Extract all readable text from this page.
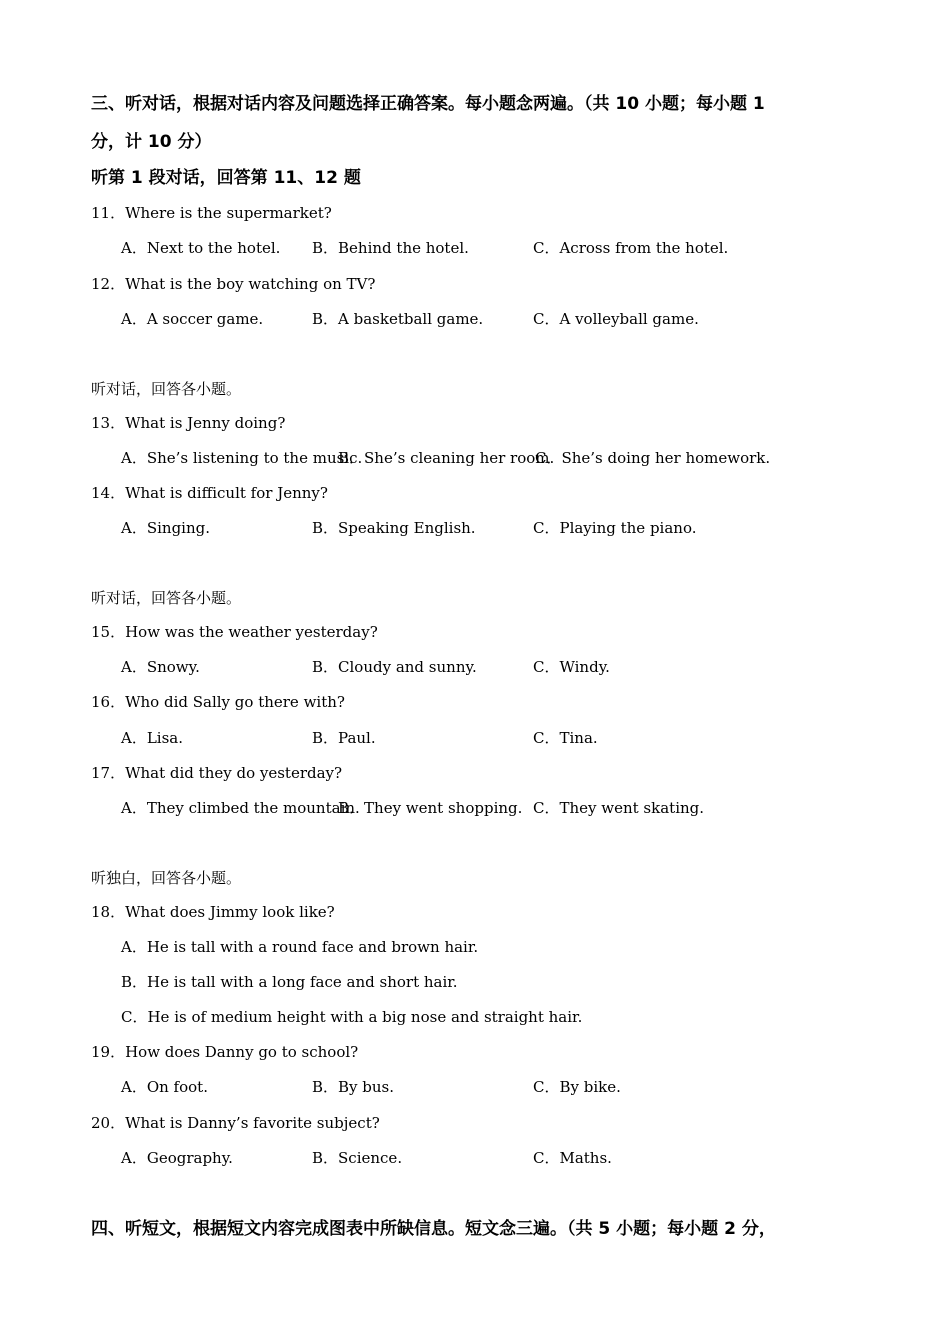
三、听对话，根据对话内容及问题选择正确答案。每小题念两遍。（共 10 小题；每小题 1
分，计 10 分）
听第 1 段对话，回答第 11、12 题
11．Where is the supermarket?
A．Next to the hotel. B．Behind the hotel.	C．Across from the hotel.
12．What is the boy watching on TV?
A．A soccer game.	B．A basketball game.	C．A volleyball game.
听对话，回答各小题。
13．What is Jenny doing?
A．She’s listening to the music.
B．She’s cleaning her room.
C．She’s doing her homework.
14．What is difficult for Jenny?
A．Singing.	B．Speaking English.	C．Playing the piano.
听对话，回答各小题。
15．How was the weather yesterday?
A．Snowy.	B．Cloudy and sunny.	C．Windy.
16．Who did Sally go there with?
A．Lisa.	B．Paul.	C．Tina.
17．What did they do yesterday?
A．They climbed the mountain.
B．They went shopping. C．They went skating.
听独白，回答各小题。
18．What does Jimmy look like?
A．He is tall with a round face and brown hair.
B．He is tall with a long face and short hair.
C．He is of medium height with a big nose and straight hair.
19．How does Danny go to school?
A．On foot.	B．By bus.	C．By bike.
20．What is Danny’s favorite subject?
A．Geography.	B．Science.	C．Maths.
四、听短文，根据短文内容完成图表中所缺信息。短文念三遍。（共 5 小题；每小题 2 分，
